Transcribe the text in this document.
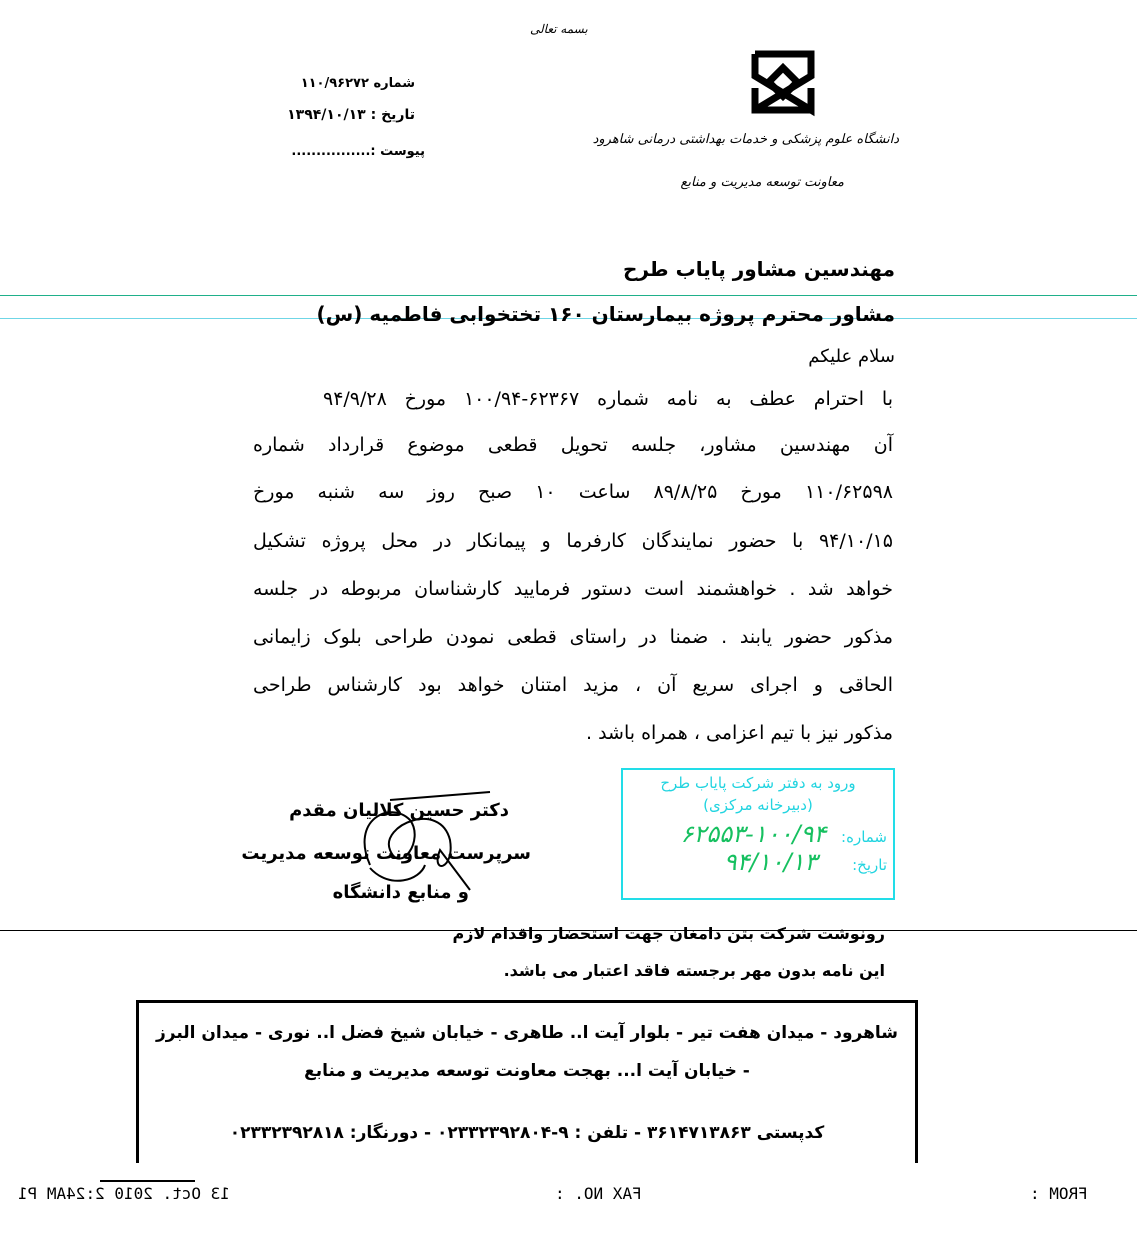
بسمه تعالی
دانشگاه علوم پزشکی و خدمات بهداشتی درمانی شاهرود
معاونت توسعه مدیریت و منابع
شماره ۱۱۰/۹۶۲۷۲
تاریخ : ۱۳۹۴/۱۰/۱۳
پیوست :................
مهندسین مشاور پایاب طرح
مشاور محترم پروژه بیمارستان ۱۶۰ تختخوابی فاطمیه (س)
سلام علیکم
با احترام عطف به نامه شماره ۶۲۳۶۷-۱۰۰/۹۴ مورخ ۹۴/۹/۲۸
آن مهندسین مشاور، جلسه تحویل قطعی موضوع قرارداد شماره
۱۱۰/۶۲۵۹۸ مورخ ۸۹/۸/۲۵ ساعت ۱۰ صبح روز سه شنبه مورخ
۹۴/۱۰/۱۵ با حضور نمایندگان کارفرما و پیمانکار در محل پروژه تشکیل
خواهد شد . خواهشمند است دستور فرمایید کارشناسان مربوطه در جلسه
مذکور حضور یابند . ضمنا در راستای قطعی نمودن طراحی بلوک زایمانی
الحاقی و اجرای سریع آن ، مزید امتنان خواهد بود کارشناس طراحی
مذکور نیز با تیم اعزامی ، همراه باشد .
ورود به دفتر شرکت پایاب طرح
(دبیرخانه مرکزی)
شماره: ۱۰۰/۹۴-۶۲۵۵۳
تاریخ: ۹۴/۱۰/۱۳
دکتر حسین کلالیان مقدم
سرپرست معاونت توسعه مدیریت
و منابع دانشگاه
رونوشت شرکت بتن دامغان جهت استحضار واقدام لازم
این نامه بدون مهر برجسته فاقد اعتبار می باشد.
شاهرود - میدان هفت تیر - بلوار آیت ا.. طاهری - خیابان شیخ فضل ا.. نوری - میدان البرز
- خیابان آیت ا... بهجت معاونت توسعه مدیریت و منابع
کدپستی ۳۶۱۴۷۱۳۸۶۳ - تلفن : ۹-۰۲۳۳۲۳۹۲۸۰۴ - دورنگار: ۰۲۳۳۲۳۹۲۸۱۸
13 Oct. 2010 2:24AM P1	FAX NO. :	FROM :
